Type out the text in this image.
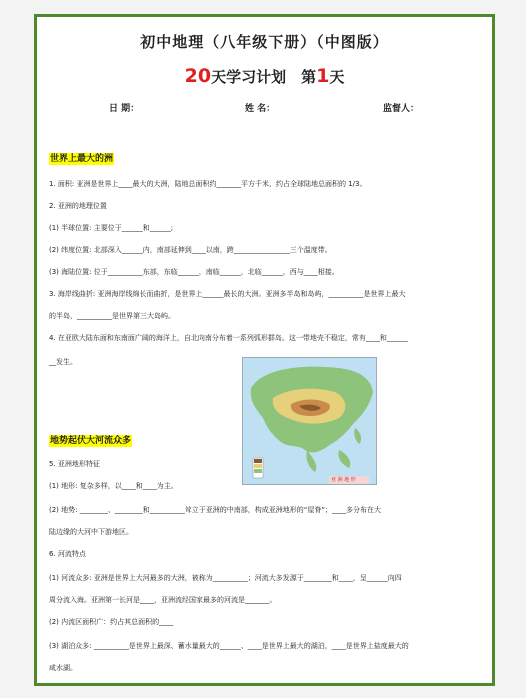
初中地理（八年级下册）（中图版）
20天学习计划　第1天
日 期：	姓 名：	监督人：
世界上最大的洲
1. 面积: 亚洲是世界上____最大的大洲，陆地总面积约_______平方千米，约占全球陆地总面积的 1/3。
2. 亚洲的地理位置
(1) 半球位置: 主要位于______和______;
(2) 纬度位置: 北部深入______内，南部延伸到____以南，跨________________三个温度带。
(3) 海陆位置: 位于__________东部，东临______，南临______，北临______，西与____相接。
3. 海岸线曲折: 亚洲海岸线绵长而曲折，是世界上______最长的大洲。亚洲多半岛和岛屿，__________是世界上最大
的半岛，__________是世界第三大岛屿。
4. 在亚欧大陆东面和东南面广阔的海洋上，自北向南分布着一系列弧形群岛。这一带地壳不稳定，常有____和______
__发生。
亚 洲 地 形
地势起伏大河流众多
5. 亚洲地形特征
(1) 地形: 复杂多样，以____和____为主。
(2) 地势: ________、________和__________耸立于亚洲的中南部，构成亚洲地形的“屋脊”；____多分布在大
陆边缘的大河中下游地区。
6. 河流特点
(1) 河流众多: 亚洲是世界上大河最多的大洲，被称为__________；河流大多发源于________和____，呈______向四
周分流入海。亚洲第一长河是____，亚洲流经国家最多的河流是_______。
(2) 内流区面积广：约占其总面积的____
(3) 湖泊众多: __________是世界上最深、蓄水量最大的______、____是世界上最大的湖泊，____是世界上盐度最大的
咸水湖。
